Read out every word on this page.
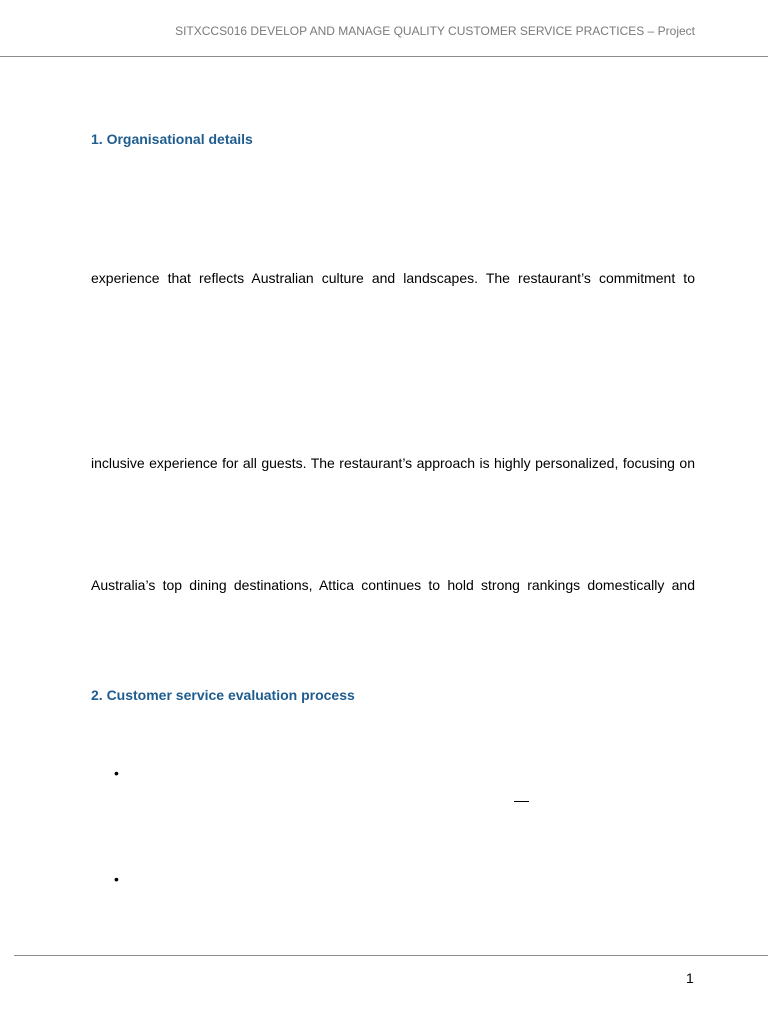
SITXCCS016 DEVELOP AND MANAGE QUALITY CUSTOMER SERVICE PRACTICES – Project
1. Organisational details
experience that reflects Australian culture and landscapes. The restaurant’s commitment to
inclusive experience for all guests. The restaurant’s approach is highly personalized, focusing on
Australia’s top dining destinations, Attica continues to hold strong rankings domestically and
2. Customer service evaluation process
•
•
1
